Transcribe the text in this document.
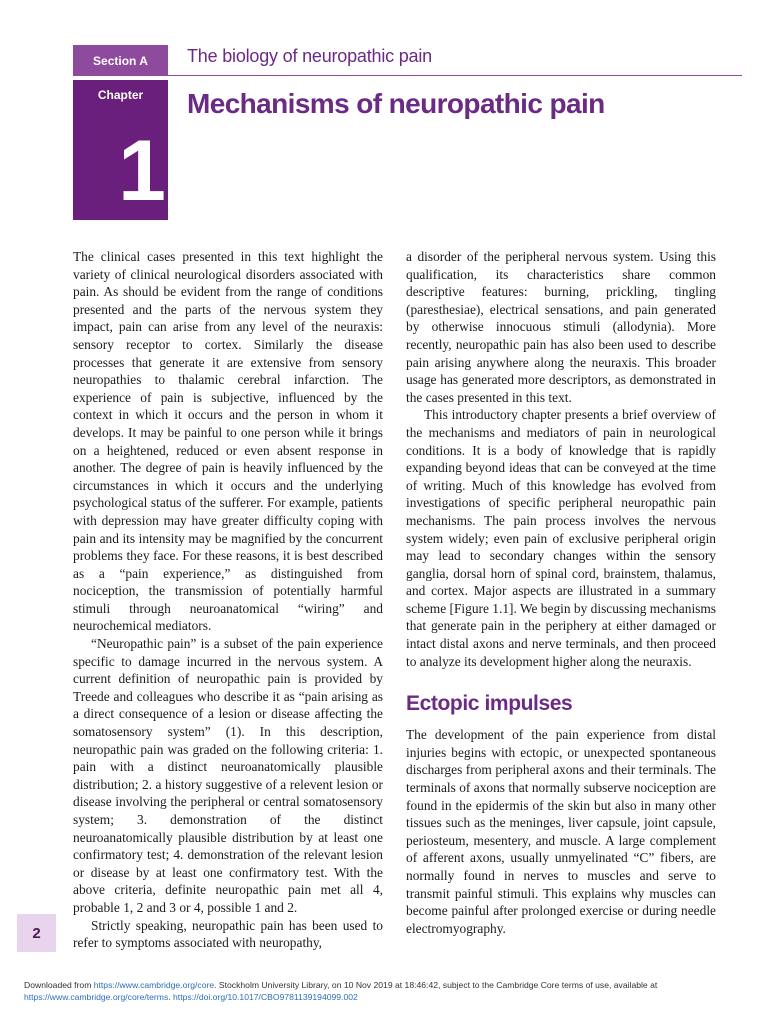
Section A The biology of neuropathic pain
Chapter
1
Mechanisms of neuropathic pain

The clinical cases presented in this text highlight the variety of clinical neurological disorders associated with pain. As should be evident from the range of conditions presented and the parts of the nervous system they impact, pain can arise from any level of the neuraxis: sensory receptor to cortex. Similarly the disease processes that generate it are extensive from sensory neuropathies to thalamic cerebral infarction. The experience of pain is subjective, influenced by the context in which it occurs and the person in whom it develops. It may be painful to one person while it brings on a heightened, reduced or even absent response in another. The degree of pain is heavily influenced by the circumstances in which it occurs and the underlying psychological status of the sufferer. For example, patients with depression may have greater difficulty coping with pain and its intensity may be magnified by the concurrent problems they face. For these reasons, it is best described as a “pain experience,” as distinguished from nociception, the transmission of potentially harmful stimuli through neuroanatomical “wiring” and neurochemical mediators.

“Neuropathic pain” is a subset of the pain experience specific to damage incurred in the nervous system. A current definition of neuropathic pain is provided by Treede and colleagues who describe it as “pain arising as a direct consequence of a lesion or disease affecting the somatosensory system” (1). In this description, neuropathic pain was graded on the following criteria: 1. pain with a distinct neuroanatomically plausible distribution; 2. a history suggestive of a relevent lesion or disease involving the peripheral or central somatosensory system; 3. demonstration of the distinct neuroanatomically plausible distribution by at least one confirmatory test; 4. demonstration of the relevant lesion or disease by at least one confirmatory test. With the above criteria, definite neuropathic pain met all 4, probable 1, 2 and 3 or 4, possible 1 and 2.

Strictly speaking, neuropathic pain has been used to refer to symptoms associated with neuropathy,

a disorder of the peripheral nervous system. Using this qualification, its characteristics share common descriptive features: burning, prickling, tingling (paresthesiae), electrical sensations, and pain generated by otherwise innocuous stimuli (allodynia). More recently, neuropathic pain has also been used to describe pain arising anywhere along the neuraxis. This broader usage has generated more descriptors, as demonstrated in the cases presented in this text.

This introductory chapter presents a brief overview of the mechanisms and mediators of pain in neurological conditions. It is a body of knowledge that is rapidly expanding beyond ideas that can be conveyed at the time of writing. Much of this knowledge has evolved from investigations of specific peripheral neuropathic pain mechanisms. The pain process involves the nervous system widely; even pain of exclusive peripheral origin may lead to secondary changes within the sensory ganglia, dorsal horn of spinal cord, brainstem, thalamus, and cortex. Major aspects are illustrated in a summary scheme [Figure 1.1]. We begin by discussing mechanisms that generate pain in the periphery at either damaged or intact distal axons and nerve terminals, and then proceed to analyze its development higher along the neuraxis.

Ectopic impulses

The development of the pain experience from distal injuries begins with ectopic, or unexpected spontaneous discharges from peripheral axons and their terminals. The terminals of axons that normally subserve nociception are found in the epidermis of the skin but also in many other tissues such as the meninges, liver capsule, joint capsule, periosteum, mesentery, and muscle. A large complement of afferent axons, usually unmyelinated “C” fibers, are normally found in nerves to muscles and serve to transmit painful stimuli. This explains why muscles can become painful after prolonged exercise or during needle electromyography.

2
Downloaded from https://www.cambridge.org/core. Stockholm University Library, on 10 Nov 2019 at 18:46:42, subject to the Cambridge Core terms of use, available at
https://www.cambridge.org/core/terms. https://doi.org/10.1017/CBO9781139194099.002
